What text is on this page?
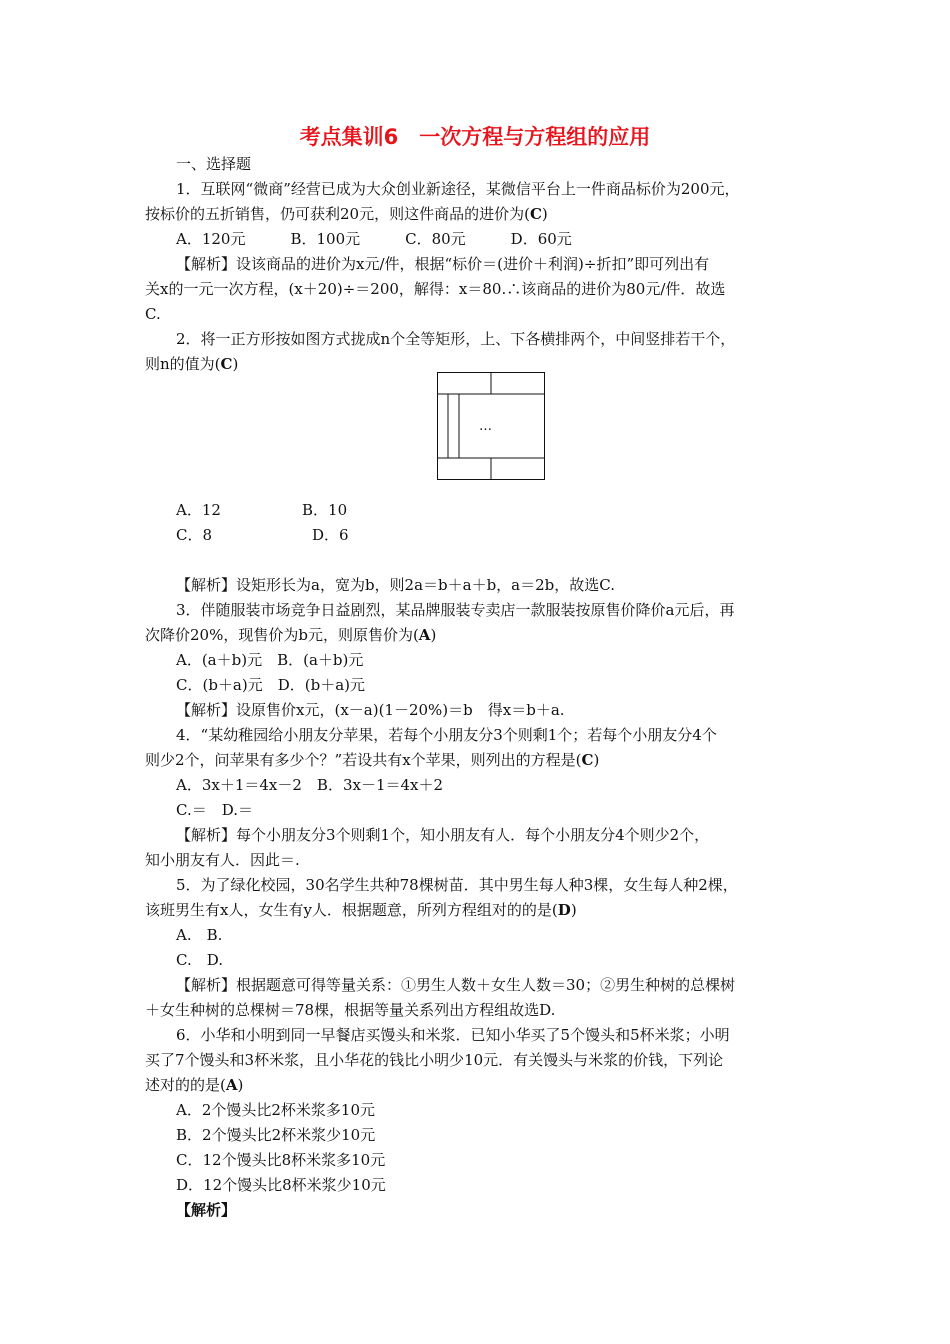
考点集训6　一次方程与方程组的应用
一、选择题
1．互联网“微商”经营已成为大众创业新途径，某微信平台上一件商品标价为200元，
按标价的五折销售，仍可获利20元，则这件商品的进价为(C)
A．120元　　　B．100元　　　C．80元　　　D．60元
【解析】设该商品的进价为x元/件，根据“标价＝(进价＋利润)÷折扣”即可列出有
关x的一元一次方程，(x＋20)÷＝200，解得：x＝80.∴该商品的进价为80元/件．故选
C.
2．将一正方形按如图方式拢成n个全等矩形，上、下各横排两个，中间竖排若干个，
则n的值为(C)
…
A．12	B．10
C．8	D．6
【解析】设矩形长为a，宽为b，则2a＝b＋a＋b，a＝2b，故选C.
3．伴随服装市场竞争日益剧烈，某品牌服装专卖店一款服装按原售价降价a元后，再
次降价20%，现售价为b元，则原售价为(A)
A．(a＋b)元　B．(a＋b)元
C．(b＋a)元　D．(b＋a)元
【解析】设原售价x元，(x－a)(1－20%)＝b　得x＝b＋a.
4．“某幼稚园给小朋友分苹果，若每个小朋友分3个则剩1个；若每个小朋友分4个
则少2个，问苹果有多少个？”若设共有x个苹果，则列出的方程是(C)
A．3x＋1＝4x－2　B．3x－1＝4x＋2
C.＝　D.＝
【解析】每个小朋友分3个则剩1个，知小朋友有人．每个小朋友分4个则少2个，
知小朋友有人．因此＝.
5．为了绿化校园，30名学生共种78棵树苗．其中男生每人种3棵，女生每人种2棵，
该班男生有x人，女生有y人．根据题意，所列方程组对的的是(D)
A.　B.
C.　D.
【解析】根据题意可得等量关系：①男生人数＋女生人数＝30；②男生种树的总棵树
＋女生种树的总棵树＝78棵，根据等量关系列出方程组故选D.
6．小华和小明到同一早餐店买馒头和米浆．已知小华买了5个馒头和5杯米浆；小明
买了7个馒头和3杯米浆，且小华花的钱比小明少10元．有关馒头与米浆的价钱，下列论
述对的的是(A)
A．2个馒头比2杯米浆多10元
B．2个馒头比2杯米浆少10元
C．12个馒头比8杯米浆多10元
D．12个馒头比8杯米浆少10元
【解析】
